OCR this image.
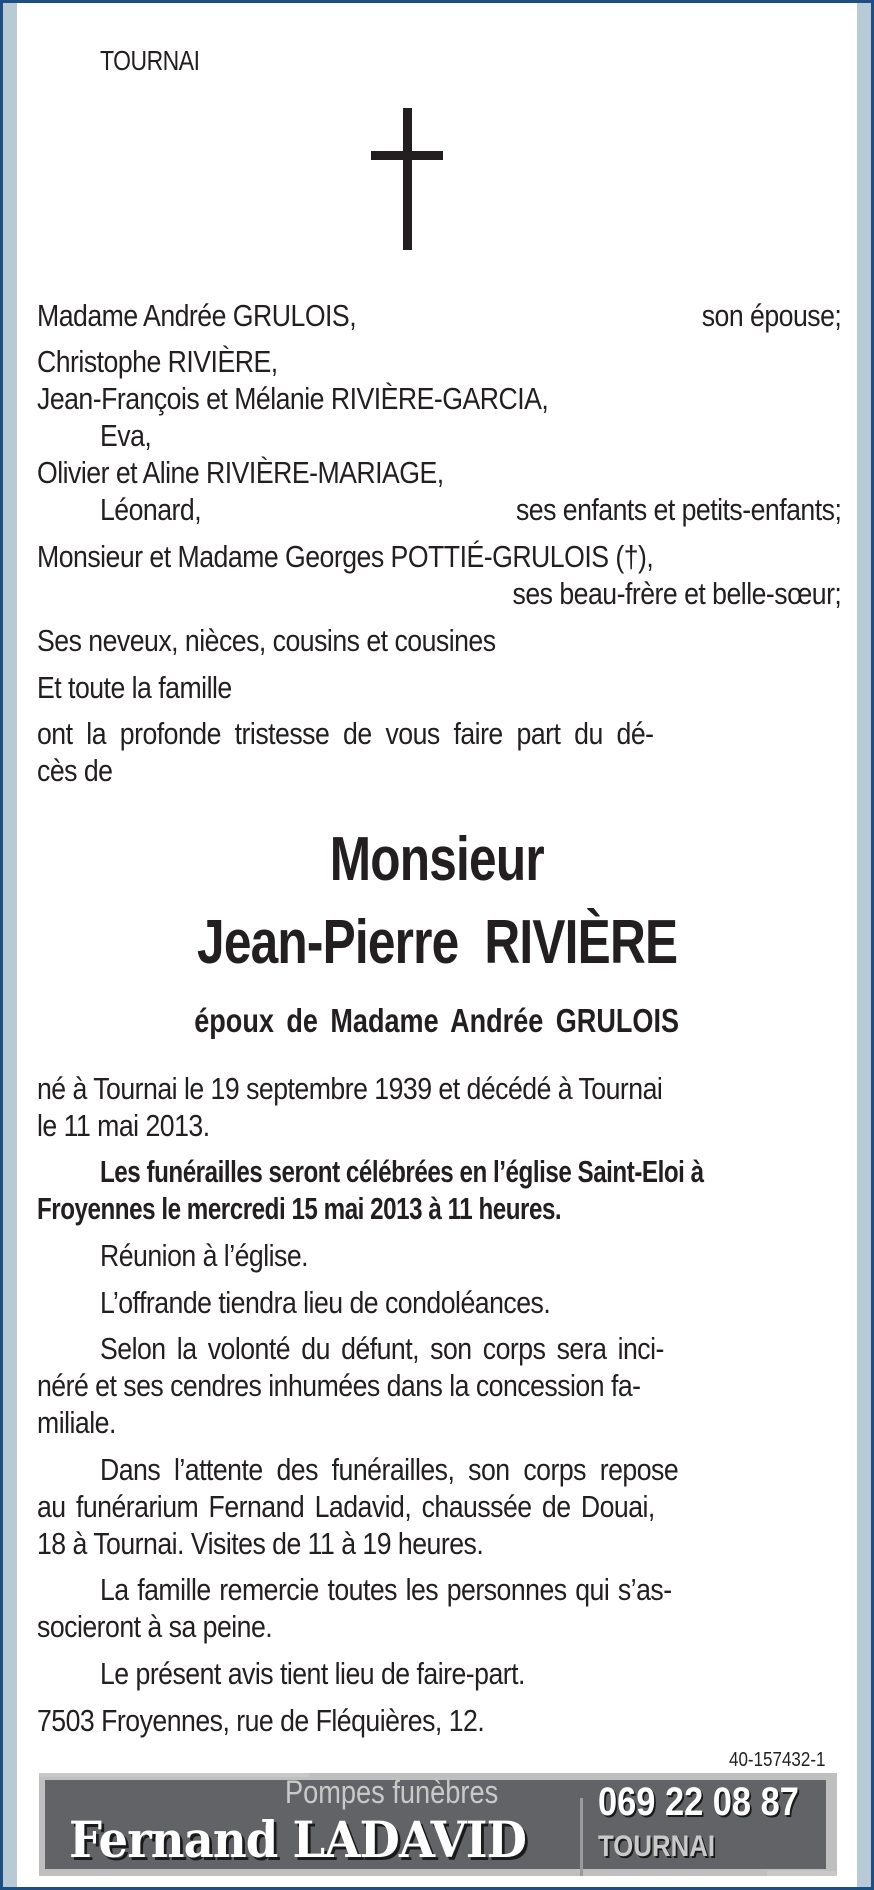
TOURNAI
Madame Andrée GRULOIS,	son épouse;
Christophe RIVIÈRE,
Jean-François et Mélanie RIVIÈRE-GARCIA,
Eva,
Olivier et Aline RIVIÈRE-MARIAGE,
Léonard,	ses enfants et petits-enfants;
Monsieur et Madame Georges POTTIÉ-GRULOIS (†),
ses beau-frère et belle-sœur;
Ses neveux, nièces, cousins et cousines
Et toute la famille
ont la profonde tristesse de vous faire part du dé-
cès de
Monsieur
Jean-Pierre  RIVIÈRE
époux de Madame Andrée GRULOIS
né à Tournai le 19 septembre 1939 et décédé à Tournai
le 11 mai 2013.
Les funérailles seront célébrées en l’église Saint-Eloi à
Froyennes le mercredi 15 mai 2013 à 11 heures.
Réunion à l’église.
L’offrande tiendra lieu de condoléances.
Selon la volonté du défunt, son corps sera inci-
néré et ses cendres inhumées dans la concession fa-
miliale.
Dans l’attente des funérailles, son corps repose
au funérarium Fernand Ladavid, chaussée de Douai,
18 à Tournai. Visites de 11 à 19 heures.
La famille remercie toutes les personnes qui s’as-
socieront à sa peine.
Le présent avis tient lieu de faire-part.
7503 Froyennes, rue de Fléquières, 12.
40-157432-1
Pompes funèbres
Fernand LADAVID
069 22 08 87
TOURNAI
